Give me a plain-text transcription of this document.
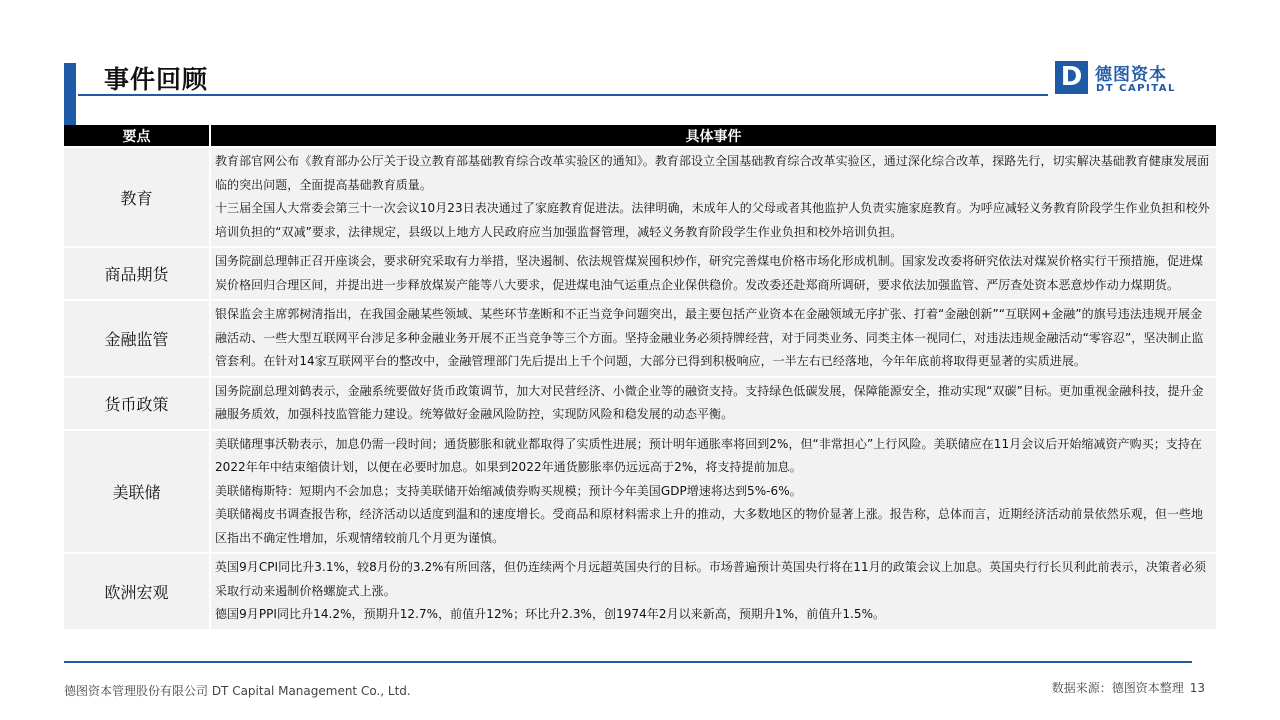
事件回顾	D 德图资本
DT CAPITAL
要点	具体事件
教育	教育部官网公布《教育部办公厅关于设立教育部基础教育综合改革实验区的通知》。教育部设立全国基础教育综合改革实验区，通过深化综合改革，探路先行，切实解决基础教育健康发展面临的突出问题，全面提高基础教育质量。
十三届全国人大常委会第三十一次会议10月23日表决通过了家庭教育促进法。法律明确，未成年人的父母或者其他监护人负责实施家庭教育。为呼应减轻义务教育阶段学生作业负担和校外培训负担的“双减”要求，法律规定，县级以上地方人民政府应当加强监督管理，减轻义务教育阶段学生作业负担和校外培训负担。

商品期货	国务院副总理韩正召开座谈会，要求研究采取有力举措，坚决遏制、依法规管煤炭囤积炒作，研究完善煤电价格市场化形成机制。国家发改委将研究依法对煤炭价格实行干预措施，促进煤炭价格回归合理区间，并提出进一步释放煤炭产能等八大要求，促进煤电油气运重点企业保供稳价。发改委还赴郑商所调研，要求依法加强监管、严厉查处资本恶意炒作动力煤期货。

金融监管	银保监会主席郭树清指出，在我国金融某些领域、某些环节垄断和不正当竞争问题突出，最主要包括产业资本在金融领域无序扩张、打着“金融创新”“互联网+金融”的旗号违法违规开展金融活动、一些大型互联网平台涉足多种金融业务开展不正当竞争等三个方面。坚持金融业务必须持牌经营，对于同类业务、同类主体一视同仁，对违法违规金融活动“零容忍”，坚决制止监管套利。在针对14家互联网平台的整改中，金融管理部门先后提出上千个问题，大部分已得到积极响应，一半左右已经落地，今年年底前将取得更显著的实质进展。

货币政策	国务院副总理刘鹤表示，金融系统要做好货币政策调节，加大对民营经济、小微企业等的融资支持。支持绿色低碳发展，保障能源安全，推动实现“双碳”目标。更加重视金融科技，提升金融服务质效，加强科技监管能力建设。统筹做好金融风险防控，实现防风险和稳发展的动态平衡。

美联储	美联储理事沃勒表示，加息仍需一段时间；通货膨胀和就业都取得了实质性进展；预计明年通胀率将回到2%，但“非常担心”上行风险。美联储应在11月会议后开始缩减资产购买；支持在2022年年中结束缩债计划，以便在必要时加息。如果到2022年通货膨胀率仍远远高于2%，将支持提前加息。
美联储梅斯特：短期内不会加息；支持美联储开始缩减债券购买规模；预计今年美国GDP增速将达到5%-6%。
美联储褐皮书调查报告称，经济活动以适度到温和的速度增长。受商品和原材料需求上升的推动，大多数地区的物价显著上涨。报告称，总体而言，近期经济活动前景依然乐观，但一些地区指出不确定性增加，乐观情绪较前几个月更为谨慎。

欧洲宏观	英国9月CPI同比升3.1%，较8月份的3.2%有所回落，但仍连续两个月远超英国央行的目标。市场普遍预计英国央行将在11月的政策会议上加息。英国央行行长贝利此前表示，决策者必须采取行动来遏制价格螺旋式上涨。
德国9月PPI同比升14.2%，预期升12.7%，前值升12%；环比升2.3%，创1974年2月以来新高，预期升1%，前值升1.5%。
德图资本管理股份有限公司 DT Capital Management Co., Ltd.	数据来源：德图资本整理 13
